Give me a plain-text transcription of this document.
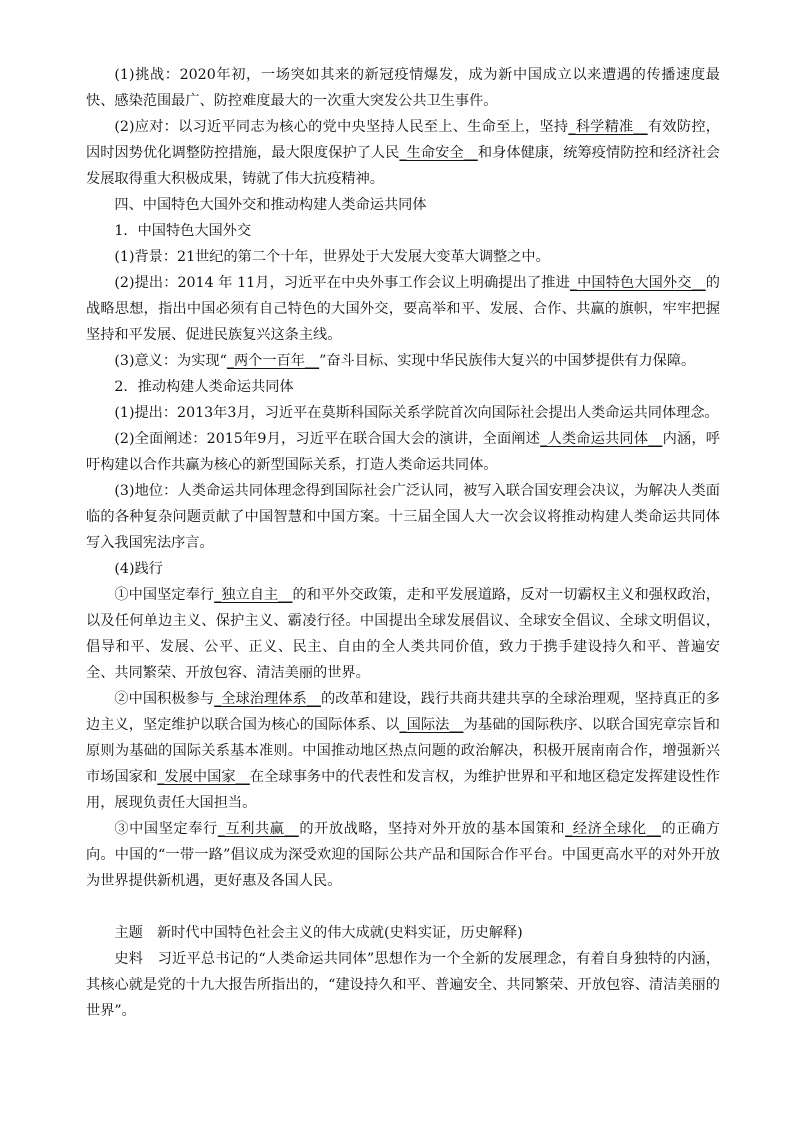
(1)挑战：2020年初，一场突如其来的新冠疫情爆发，成为新中国成立以来遭遇的传播速度最快、感染范围最广、防控难度最大的一次重大突发公共卫生事件。

(2)应对：以习近平同志为核心的党中央坚持人民至上、生命至上，坚持_科学精准__有效防控，因时因势优化调整防控措施，最大限度保护了人民_生命安全__和身体健康，统筹疫情防控和经济社会发展取得重大积极成果，铸就了伟大抗疫精神。

四、中国特色大国外交和推动构建人类命运共同体

1．中国特色大国外交

(1)背景：21世纪的第二个十年，世界处于大发展大变革大调整之中。

(2)提出：2014 年 11月，习近平在中央外事工作会议上明确提出了推进_中国特色大国外交__的战略思想，指出中国必须有自己特色的大国外交，要高举和平、发展、合作、共赢的旗帜，牢牢把握坚持和平发展、促进民族复兴这条主线。

(3)意义：为实现“_两个一百年__”奋斗目标、实现中华民族伟大复兴的中国梦提供有力保障。

2．推动构建人类命运共同体

(1)提出：2013年3月，习近平在莫斯科国际关系学院首次向国际社会提出人类命运共同体理念。

(2)全面阐述：2015年9月，习近平在联合国大会的演讲，全面阐述_人类命运共同体__内涵，呼吁构建以合作共赢为核心的新型国际关系，打造人类命运共同体。

(3)地位：人类命运共同体理念得到国际社会广泛认同，被写入联合国安理会决议，为解决人类面临的各种复杂问题贡献了中国智慧和中国方案。十三届全国人大一次会议将推动构建人类命运共同体写入我国宪法序言。

(4)践行

①中国坚定奉行_独立自主__的和平外交政策，走和平发展道路，反对一切霸权主义和强权政治，以及任何单边主义、保护主义、霸凌行径。中国提出全球发展倡议、全球安全倡议、全球文明倡议，倡导和平、发展、公平、正义、民主、自由的全人类共同价值，致力于携手建设持久和平、普遍安全、共同繁荣、开放包容、清洁美丽的世界。

②中国积极参与_全球治理体系__的改革和建设，践行共商共建共享的全球治理观，坚持真正的多边主义，坚定维护以联合国为核心的国际体系、以_国际法__为基础的国际秩序、以联合国宪章宗旨和原则为基础的国际关系基本准则。中国推动地区热点问题的政治解决，积极开展南南合作，增强新兴市场国家和_发展中国家__在全球事务中的代表性和发言权，为维护世界和平和地区稳定发挥建设性作用，展现负责任大国担当。

③中国坚定奉行_互利共赢__的开放战略，坚持对外开放的基本国策和_经济全球化__的正确方向。中国的“一带一路”倡议成为深受欢迎的国际公共产品和国际合作平台。中国更高水平的对外开放为世界提供新机遇，更好惠及各国人民。

主题　新时代中国特色社会主义的伟大成就(史料实证，历史解释)

史料　习近平总书记的“人类命运共同体”思想作为一个全新的发展理念，有着自身独特的内涵，其核心就是党的十九大报告所指出的，“建设持久和平、普遍安全、共同繁荣、开放包容、清洁美丽的世界”。
